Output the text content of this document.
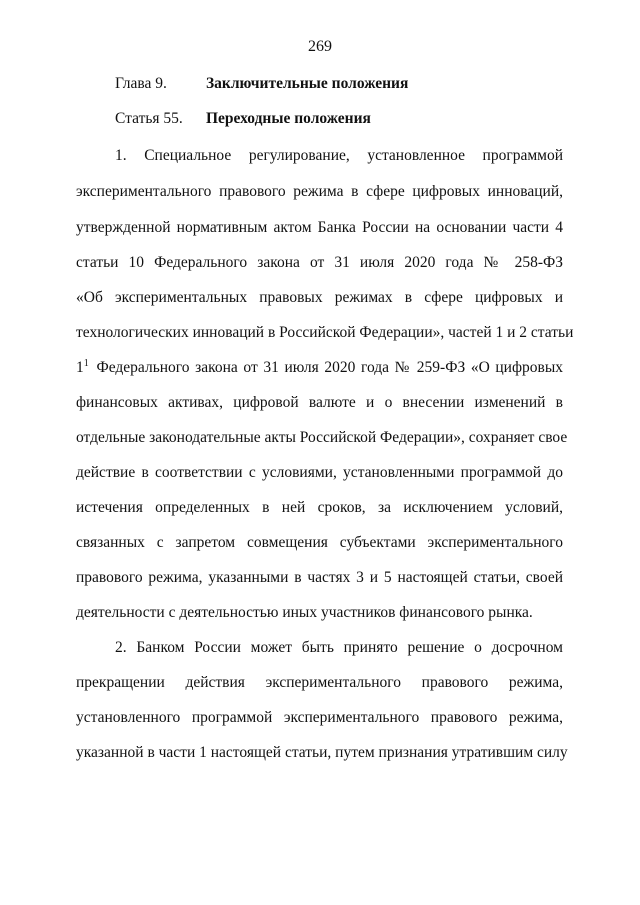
269
Глава 9.	Заключительные положения
Статья 55. Переходные положения
1. Специальное регулирование, установленное программой
экспериментального правового режима в сфере цифровых инноваций,
утвержденной нормативным актом Банка России на основании части 4
статьи 10 Федерального закона от 31 июля 2020 года № 258-ФЗ
«Об экспериментальных правовых режимах в сфере цифровых и
технологических инноваций в Российской Федерации», частей 1 и 2 статьи
$1^1$  Федерального закона от 31 июля 2020 года № 259-ФЗ «О цифровых
финансовых активах, цифровой валюте и о внесении изменений в
отдельные законодательные акты Российской Федерации», сохраняет свое
действие в соответствии с условиями, установленными программой до
истечения определенных в ней сроков, за исключением условий,
связанных с запретом совмещения субъектами экспериментального
правового режима, указанными в частях 3 и 5 настоящей статьи, своей
деятельности с деятельностью иных участников финансового рынка.
2. Банком России может быть принято решение о досрочном
прекращении действия экспериментального правового режима,
установленного программой экспериментального правового режима,
указанной в части 1 настоящей статьи, путем признания утратившим силу
